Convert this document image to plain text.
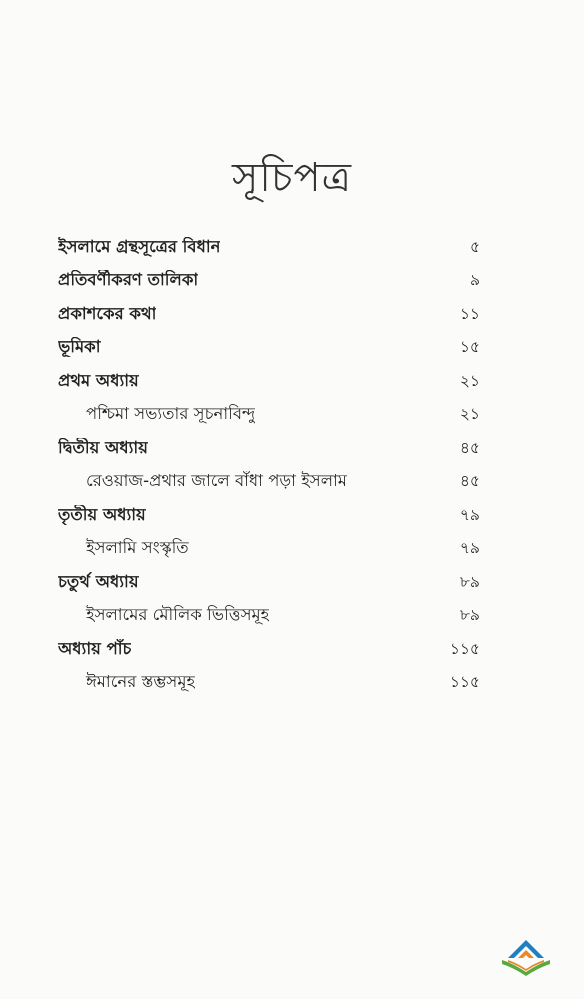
সূচিপত্র
ইসলামে গ্রন্থসূত্রের বিধান	৫
প্রতিবর্ণীকরণ তালিকা	৯
প্রকাশকের কথা	১১
ভূমিকা	১৫
প্রথম অধ্যায়	২১
পশ্চিমা সভ্যতার সূচনাবিন্দু	২১
দ্বিতীয় অধ্যায়	৪৫
রেওয়াজ-প্রথার জালে বাঁধা পড়া ইসলাম	৪৫
তৃতীয় অধ্যায়	৭৯
ইসলামি সংস্কৃতি	৭৯
চতুর্থ অধ্যায়	৮৯
ইসলামের মৌলিক ভিত্তিসমূহ	৮৯
অধ্যায় পাঁচ	১১৫
ঈমানের স্তম্ভসমূহ	১১৫
